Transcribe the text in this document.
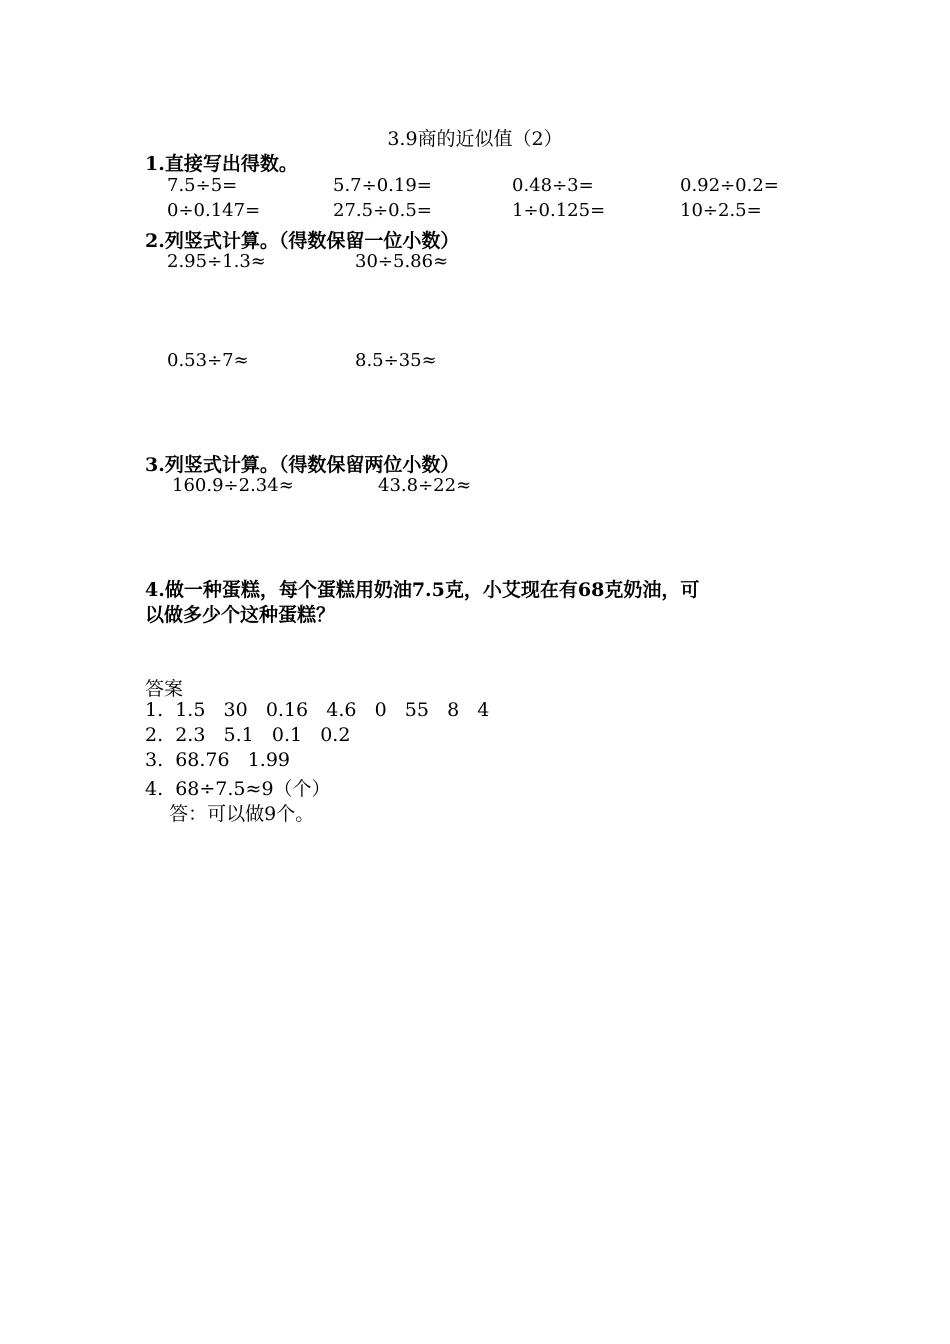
3.9商的近似值（2）
1.直接写出得数。
7.5÷5=	5.7÷0.19=	0.48÷3=	0.92÷0.2=
0÷0.147=	27.5÷0.5=	1÷0.125=	10÷2.5=
2.列竖式计算。（得数保留一位小数）
2.95÷1.3≈	30÷5.86≈
0.53÷7≈	8.5÷35≈
3.列竖式计算。（得数保留两位小数）
160.9÷2.34≈	43.8÷22≈
4.做一种蛋糕，每个蛋糕用奶油7.5克，小艾现在有68克奶油，可
以做多少个这种蛋糕？
答案
1.  1.5   30   0.16   4.6   0   55   8   4
2.  2.3   5.1   0.1   0.2
3.  68.76   1.99
4.  68÷7.5≈9（个）
答：可以做9个。
